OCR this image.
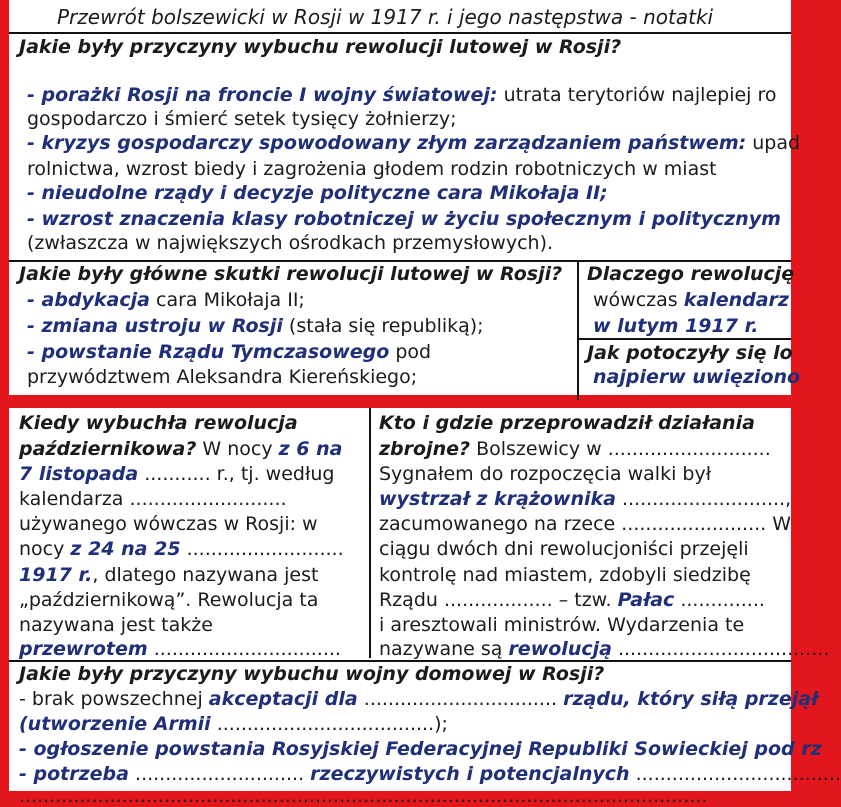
Przewrót bolszewicki w Rosji w 1917 r. i jego następstwa - notatki
Jakie były przyczyny wybuchu rewolucji lutowej w Rosji?
- porażki Rosji na froncie I wojny światowej: utrata terytoriów najlepiej ro
gospodarczo i śmierć setek tysięcy żołnierzy;
- kryzys gospodarczy spowodowany złym zarządzaniem państwem: upad
rolnictwa, wzrost biedy i zagrożenia głodem rodzin robotniczych w miast
- nieudolne rządy i decyzje polityczne cara Mikołaja II;
- wzrost znaczenia klasy robotniczej w życiu społecznym i politycznym
(zwłaszcza w największych ośrodkach przemysłowych).
Jakie były główne skutki rewolucji lutowej w Rosji?
- abdykacja cara Mikołaja II;
- zmiana ustroju w Rosji (stała się republiką);
- powstanie Rządu Tymczasowego pod
przywództwem Aleksandra Kiereńskiego;
Dlaczego rewolucję
wówczas kalendarz
w lutym 1917 r.
Jak potoczyły się lo
najpierw uwięziono
Kiedy wybuchła rewolucja
październikowa? W nocy z 6 na
7 listopada ........... r., tj. według
kalendarza ..........................
używanego wówczas w Rosji: w
nocy z 24 na 25 ..........................
1917 r., dlatego nazywana jest
„październikową”. Rewolucja ta
nazywana jest także
przewrotem ...............................
Kto i gdzie przeprowadził działania
zbrojne? Bolszewicy w ...........................
Sygnałem do rozpoczęcia walki był
wystrzał z krążownika ...........................,
zacumowanego na rzece ........................ W
ciągu dwóch dni rewolucjoniści przejęli
kontrolę nad miastem, zdobyli siedzibę
Rządu .................. – tzw. Pałac ..............
i aresztowali ministrów. Wydarzenia te
nazywane są rewolucją ...................................
Jakie były przyczyny wybuchu wojny domowej w Rosji?
- brak powszechnej akceptacji dla ................................ rządu, który siłą przejął
(utworzenie Armii ....................................);
- ogłoszenie powstania Rosyjskiej Federacyjnej Republiki Sowieckiej pod rz
- potrzeba ............................ rzeczywistych i potencjalnych ..................................
..................................................................................................................
